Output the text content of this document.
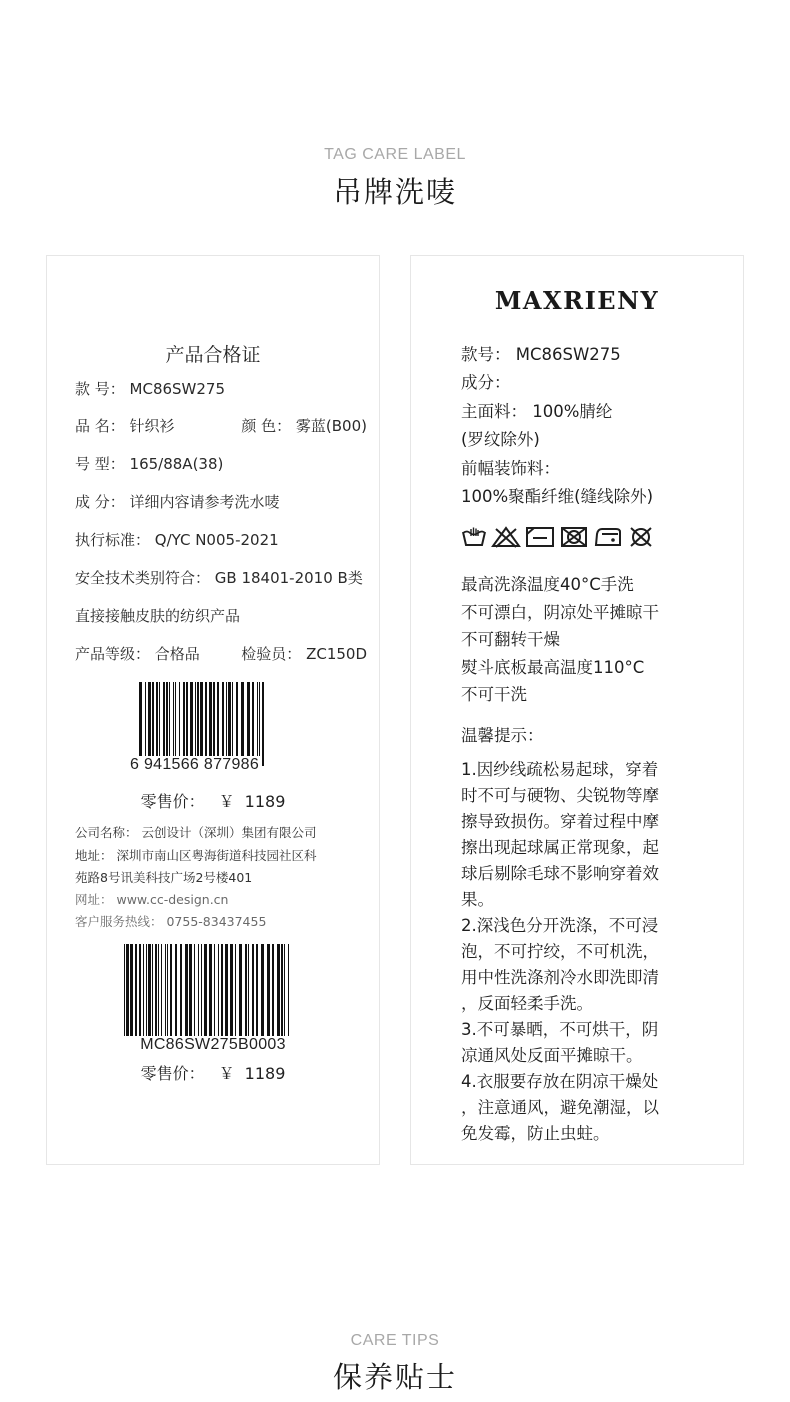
TAG CARE LABEL
吊牌洗唛
产品合格证
款 号： MC86SW275
品 名： 针织衫	颜 色： 雾蓝(B00)
号 型： 165/88A(38)
成 分： 详细内容请参考洗水唛
执行标准： Q/YC N005-2021
安全技术类别符合： GB 18401-2010 B类
直接接触皮肤的纺织产品
产品等级： 合格品	检验员： ZC150D
6 941566 877986
零售价： ￥ 1189
公司名称： 云创设计（深圳）集团有限公司
地址： 深圳市南山区粤海街道科技园社区科
苑路8号讯美科技广场2号楼401
网址： www.cc-design.cn
客户服务热线： 0755-83437455
MC86SW275B0003
零售价： ￥ 1189
MAXRIENY
款号： MC86SW275
成分：
主面料： 100%腈纶
(罗纹除外)
前幅装饰料：
100%聚酯纤维(缝线除外)
最高洗涤温度40°C手洗
不可漂白，阴凉处平摊晾干
不可翻转干燥
熨斗底板最高温度110°C
不可干洗
温馨提示：
1.因纱线疏松易起球，穿着
时不可与硬物、尖锐物等摩
擦导致损伤。穿着过程中摩
擦出现起球属正常现象，起
球后剔除毛球不影响穿着效
果。
2.深浅色分开洗涤，不可浸
泡，不可拧绞，不可机洗，
用中性洗涤剂冷水即洗即清
，反面轻柔手洗。
3.不可暴晒，不可烘干，阴
凉通风处反面平摊晾干。
4.衣服要存放在阴凉干燥处
，注意通风，避免潮湿，以
免发霉，防止虫蛀。
CARE TIPS
保养贴士
